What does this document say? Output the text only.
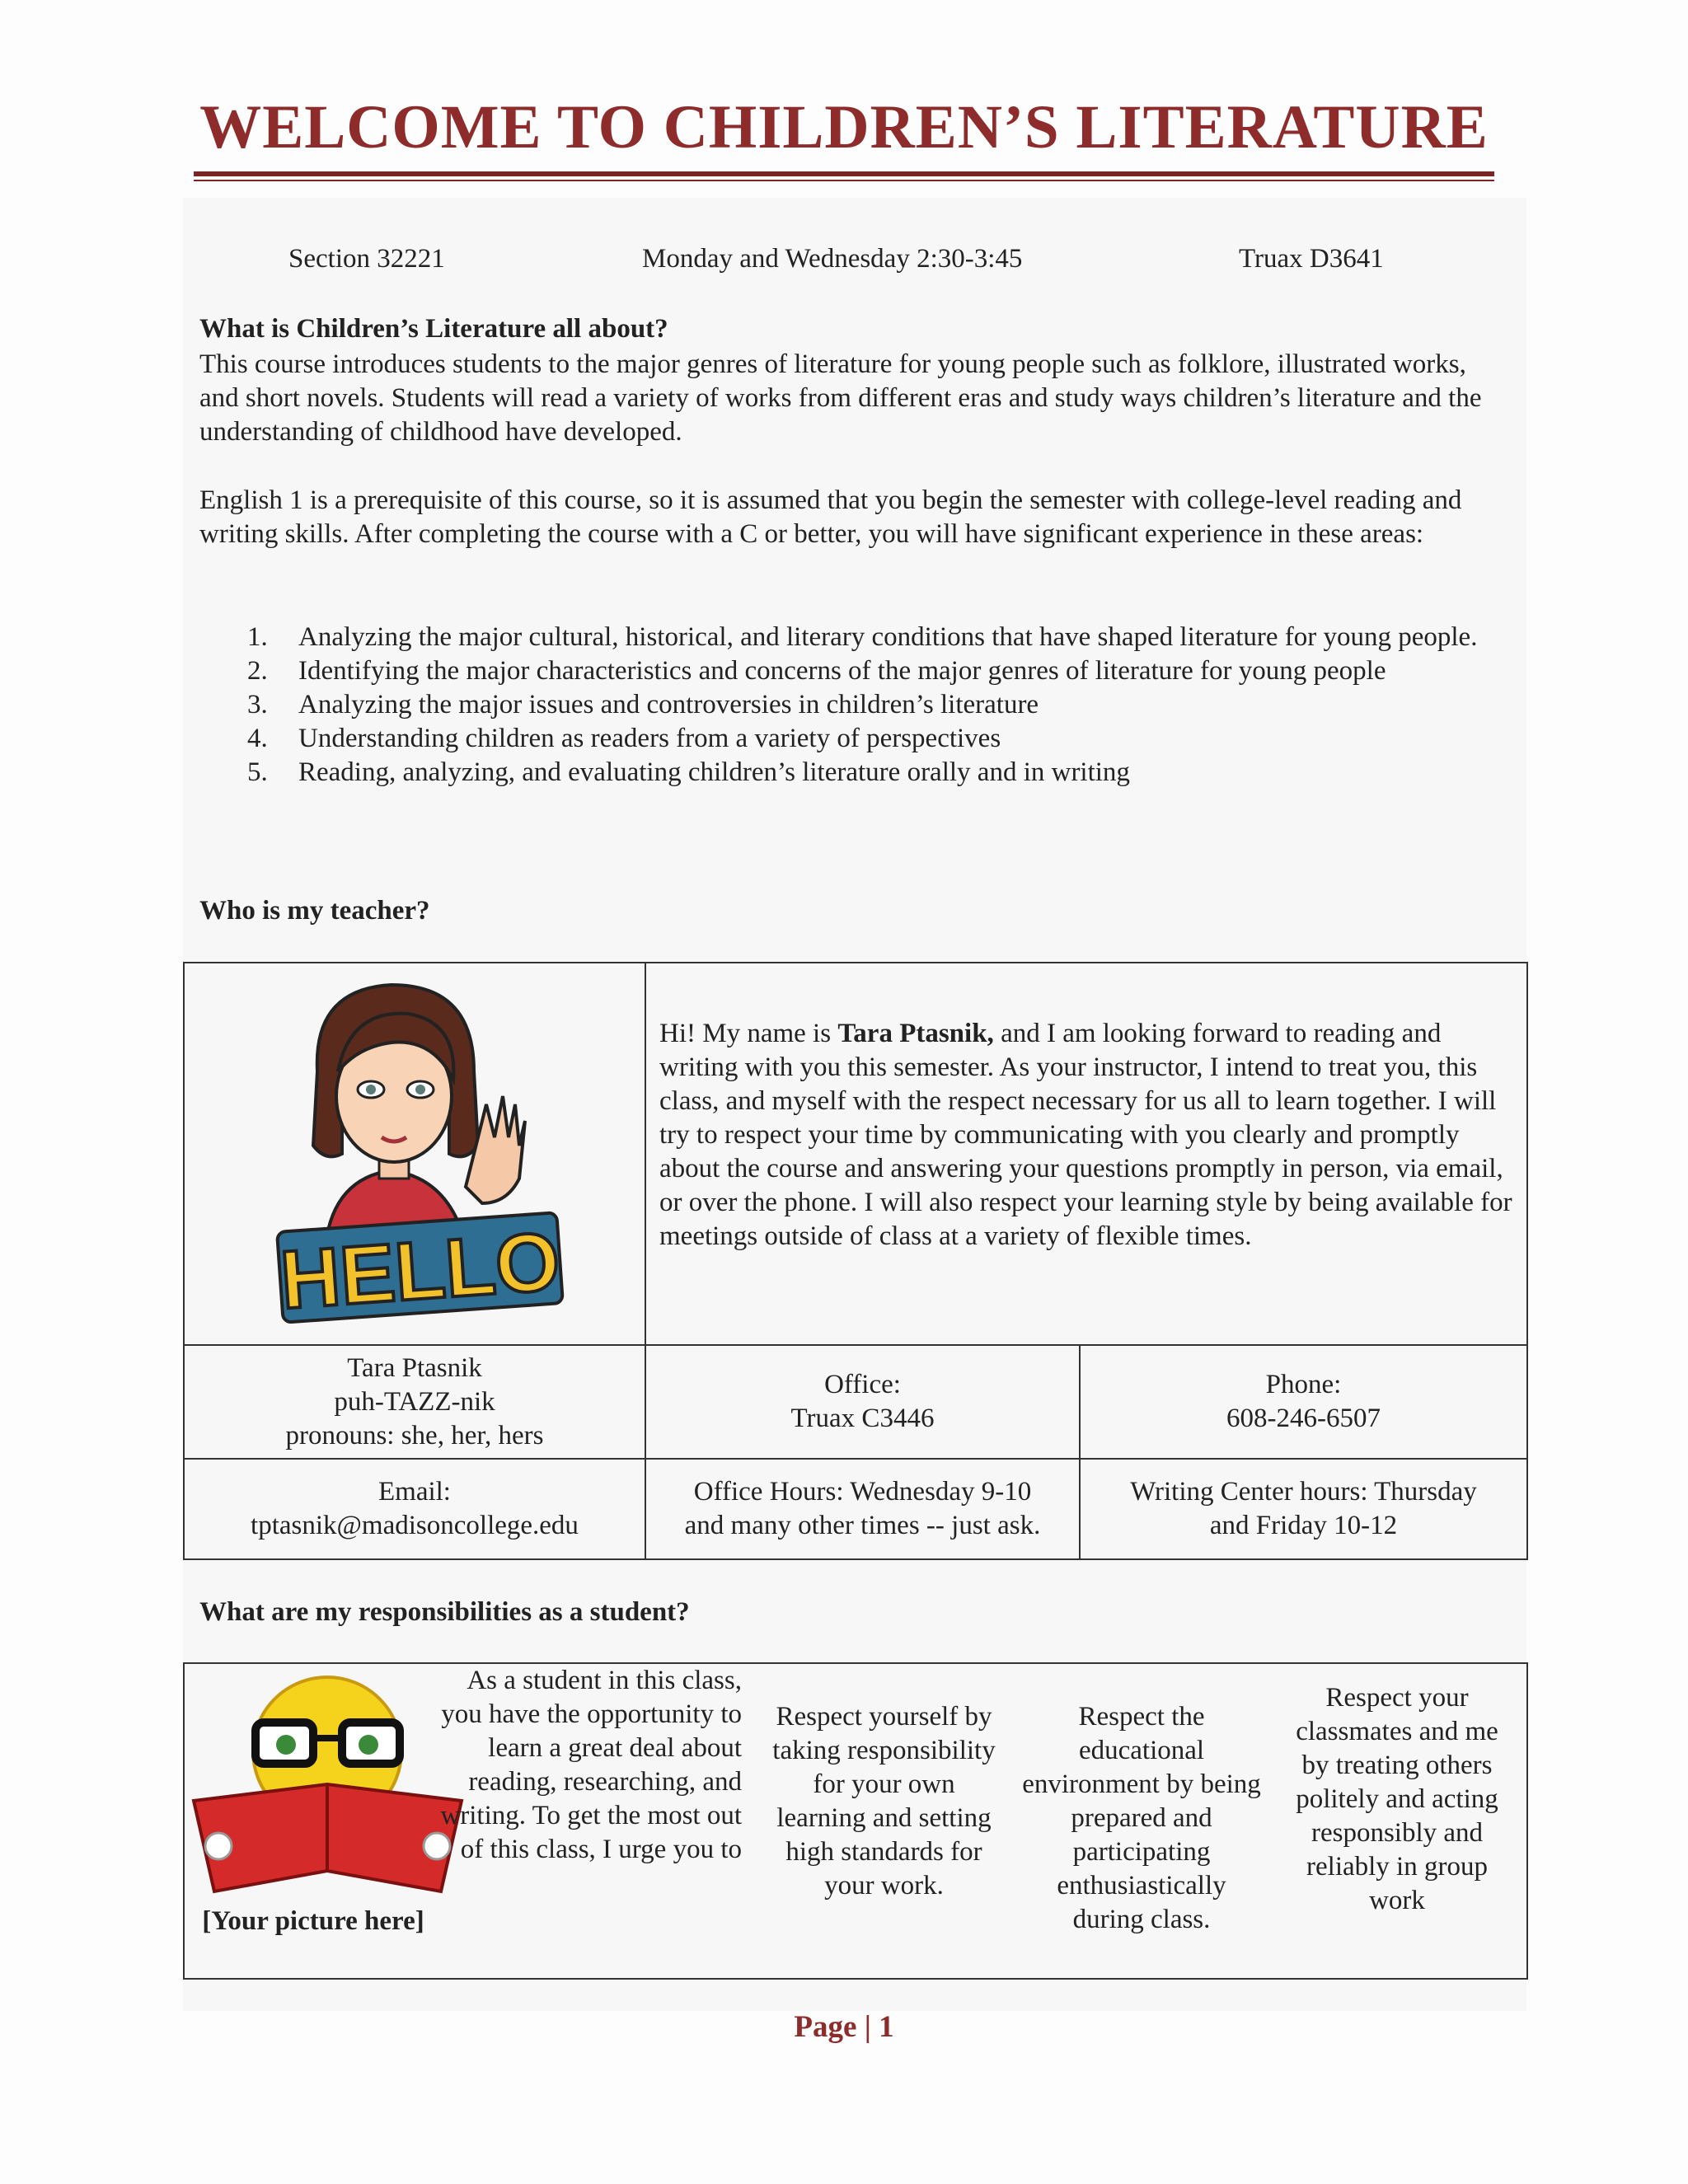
WELCOME TO CHILDREN’S LITERATURE
Section 32221	Monday and Wednesday 2:30-3:45	Truax D3641
What is Children’s Literature all about?
This course introduces students to the major genres of literature for young people such as folklore, illustrated works, and short novels. Students will read a variety of works from different eras and study ways children’s literature and the understanding of childhood have developed.
English 1 is a prerequisite of this course, so it is assumed that you begin the semester with college-level reading and writing skills. After completing the course with a C or better, you will have significant experience in these areas:
1. Analyzing the major cultural, historical, and literary conditions that have shaped literature for young people.
2. Identifying the major characteristics and concerns of the major genres of literature for young people
3. Analyzing the major issues and controversies in children’s literature
4. Understanding children as readers from a variety of perspectives
5. Reading, analyzing, and evaluating children’s literature orally and in writing
Who is my teacher?
HELLO
Hi! My name is Tara Ptasnik, and I am looking forward to reading and writing with you this semester. As your instructor, I intend to treat you, this class, and myself with the respect necessary for us all to learn together. I will try to respect your time by communicating with you clearly and promptly about the course and answering your questions promptly in person, via email, or over the phone. I will also respect your learning style by being available for meetings outside of class at a variety of flexible times.
Tara Ptasnik
puh-TAZZ-nik
pronouns: she, her, hers
Office:
Truax C3446
Phone:
608-246-6507
Email:
tptasnik@madisoncollege.edu
Office Hours: Wednesday 9-10
and many other times -- just ask.
Writing Center hours: Thursday
and Friday 10-12
What are my responsibilities as a student?
[Your picture here]
As a student in this class, you have the opportunity to learn a great deal about reading, researching, and writing. To get the most out of this class, I urge you to
Respect yourself by taking responsibility for your own learning and setting high standards for your work.
Respect the educational environment by being prepared and participating enthusiastically during class.
Respect your classmates and me by treating others politely and acting responsibly and reliably in group work
Page | 1
